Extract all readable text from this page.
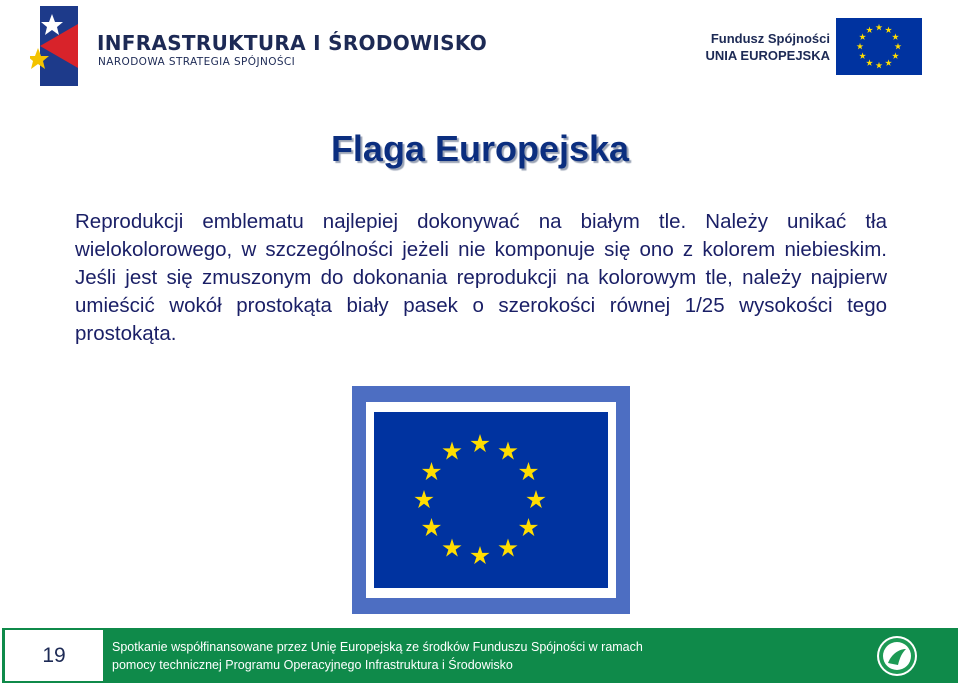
INFRASTRUKTURA I ŚRODOWISKO
NARODOWA STRATEGIA SPÓJNOŚCI
Fundusz Spójności
UNIA EUROPEJSKA
Flaga Europejska
Reprodukcji emblematu najlepiej dokonywać na białym tle. Należy unikać tła wielokolorowego, w szczególności jeżeli nie komponuje się ono z kolorem niebieskim. Jeśli jest się zmuszonym do dokonania reprodukcji na kolorowym tle, należy najpierw umieścić wokół prostokąta biały pasek o szerokości równej 1/25 wysokości tego prostokąta.
19	Spotkanie współfinansowane przez Unię Europejską ze środków Funduszu Spójności w ramach
pomocy technicznej Programu Operacyjnego Infrastruktura i Środowisko
